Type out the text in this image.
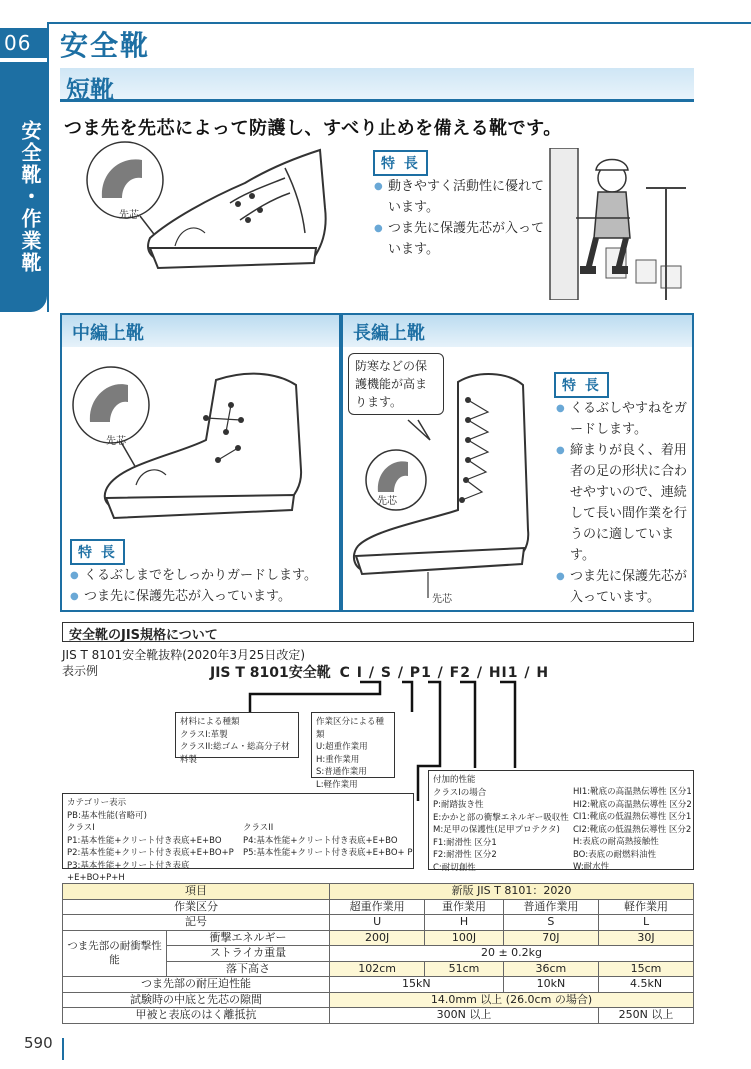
06
安全靴・作業靴
安全靴
短靴
つま先を先芯によって防護し、すべり止めを備える靴です。
先芯
特 長
● 動きやすく活動性に優れています。
● つま先に保護先芯が入っています。
中編上靴
先芯
特 長
● くるぶしまでをしっかりガードします。
● つま先に保護先芯が入っています。
長編上靴
防寒などの保護機能が高まります。
先芯
先芯
特 長
● くるぶしやすねをガードします。
● 締まりが良く、着用者の足の形状に合わせやすいので、連続して長い間作業を行うのに適しています。
● つま先に保護先芯が入っています。
安全靴のJIS規格について
JIS T 8101安全靴抜粋(2020年3月25日改定)
表示例	JIS T 8101安全靴 C I / S / P1 / F2 / HI1 / H
材料による種類
クラスI:革製
クラスII:総ゴム・総高分子材料製
作業区分による種類
U:超重作業用
H:重作業用
S:普通作業用
L:軽作業用	付加的性能
クラスIの場合
P:耐踏抜き性
E:かかと部の衝撃エネルギー吸収性
M:足甲の保護性(足甲プロテクタ)
F1:耐滑性 区分1
F2:耐滑性 区分2
C:耐切創性
HI1:靴底の高温熱伝導性 区分1
HI2:靴底の高温熱伝導性 区分2
CI1:靴底の低温熱伝導性 区分1
CI2:靴底の低温熱伝導性 区分2
H:表底の耐高熱接触性
BO:表底の耐燃料油性
W:耐水性
カテゴリー表示
PB:基本性能(省略可)
クラスI
P1:基本性能+クリート付き表底+E+BO
P2:基本性能+クリート付き表底+E+BO+P
P3:基本性能+クリート付き表底+E+BO+P+H
クラスII
P4:基本性能+クリート付き表底+E+BO
P5:基本性能+クリート付き表底+E+BO+ P
項目		新版 JIS T 8101：2020			
作業区分		超重作業用	重作業用	普通作業用	軽作業用
記号		U	H	S	L
つま先部の耐衝撃性能	衝撃エネルギー	200J	100J	70J	30J
	ストライカ重量	20 ± 0.2kg			
	落下高さ	102cm	51cm	36cm	15cm
つま先部の耐圧迫性能		15kN		10kN	4.5kN
試験時の中底と先芯の隙間		14.0mm 以上 (26.0cm の場合)			
甲被と表底のはく離抵抗		300N 以上			250N 以上
590
